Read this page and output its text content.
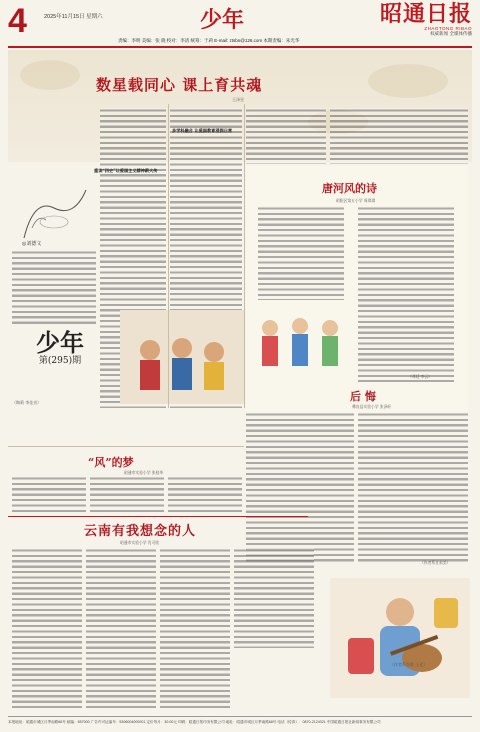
4	2025年11月15日 星期六	少年	昭通日报
ZHAOTONG RIBAO
权威新闻 全媒体传播
责编：李明 美编：张 晓 校对：李清 统筹：于莉 E-mail: ztsbn@126.com 本期责编：朱光华
数星载同心 课上育共魂
王泽昱
重读“四史”让爱国主义精神薪火传
多学科融合 让爱国教育浸润日常
◎刘德文
少年
第(295)期
（陶莉 李佳音）
唐河风的诗
昭阳区第五小学 周琪琪
（邓廷 李云）
后 悔
彝良县实验小学 张泽轩
（作者系甘肃美）
“风”的梦
昭通市实验小学 张桂华
云南有我想念的人
昭通市实验小学 肖可欣
（作者系蔡敬 王光）
本报地址：昭通市城区月季南路68号 邮编：657000 广告许可证编号：5306004000001 定价每月：30.00元 印刷：昭通日报印务有限公司 地址：昭通市城区月季南路68号 电话（传真）：0870-2124321 中国昭通日报社新闻事务有限公司
